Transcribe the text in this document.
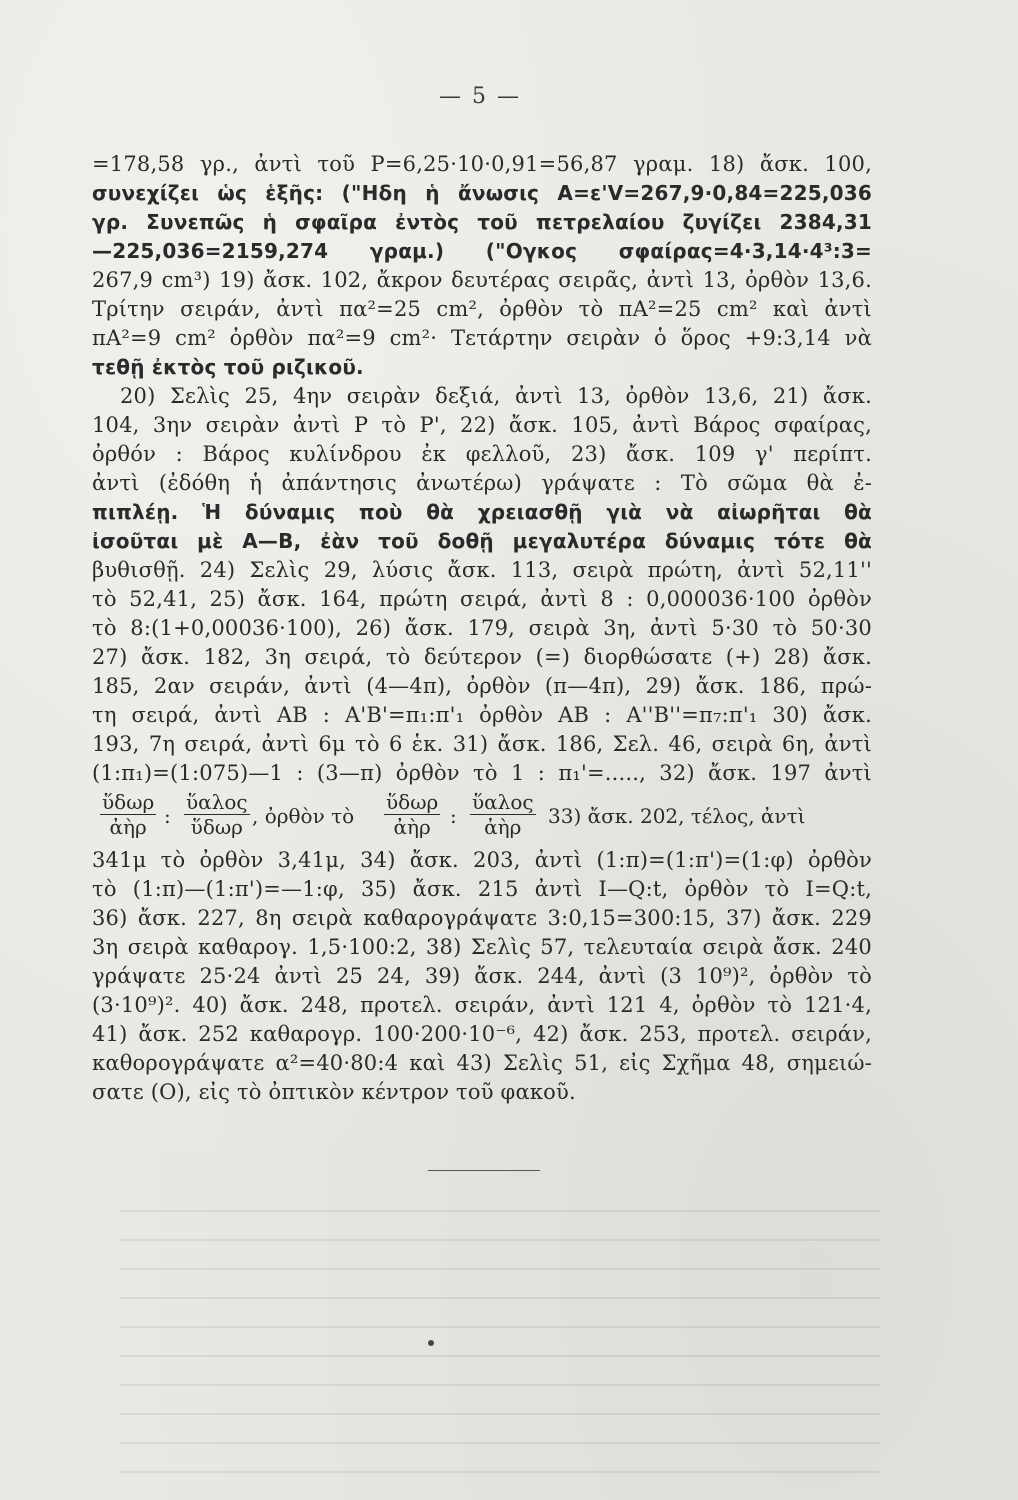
— 5 —
=178,58 γρ., ἀντὶ τοῦ Ρ=6,25·10·0,91=56,87 γραμ. 18) ἄσκ. 100,
συνεχίζει ὡς ἑξῆς: ("Ηδη ἡ ἄνωσις Α=ε'V=267,9·0,84=225,036
γρ. Συνεπῶς ἡ σφαῖρα ἐντὸς τοῦ πετρελαίου ζυγίζει 2384,31
—225,036=2159,274 γραμ.) ("Ογκος σφαίρας=4·3,14·4³:3=
267,9 cm³) 19) ἄσκ. 102, ἄκρον δευτέρας σειρᾶς, ἀντὶ 13, ὀρθὸν 13,6.
Τρίτην σειράν, ἀντὶ πα²=25 cm², ὀρθὸν τὸ πΑ²=25 cm² καὶ ἀντὶ
πΑ²=9 cm² ὀρθὸν πα²=9 cm²· Τετάρτην σειρὰν ὁ ὅρος +9:3,14 νὰ
τεθῇ ἐκτὸς τοῦ ριζικοῦ.
20) Σελὶς 25, 4ην σειρὰν δεξιά, ἀντὶ 13, ὀρθὸν 13,6, 21) ἄσκ.
104, 3ην σειρὰν ἀντὶ Ρ τὸ Ρ', 22) ἄσκ. 105, ἀντὶ Βάρος σφαίρας,
ὀρθόν : Βάρος κυλίνδρου ἐκ φελλοῦ, 23) ἄσκ. 109 γ' περίπτ.
ἀντὶ (ἐδόθη ἡ ἀπάντησις ἀνωτέρω) γράψατε : Τὸ σῶμα θὰ ἐ-
πιπλέῃ. Ἡ δύναμις ποὺ θὰ χρειασθῇ γιὰ νὰ αἰωρῆται θὰ
ἰσοῦται μὲ Α—Β, ἐὰν τοῦ δοθῇ μεγαλυτέρα δύναμις τότε θὰ
βυθισθῇ. 24) Σελὶς 29, λύσις ἄσκ. 113, σειρὰ πρώτη, ἀντὶ 52,11''
τὸ 52,41, 25) ἄσκ. 164, πρώτη σειρά, ἀντὶ 8 : 0,000036·100 ὀρθὸν
τὸ 8:(1+0,00036·100), 26) ἄσκ. 179, σειρὰ 3η, ἀντὶ 5·30 τὸ 50·30
27) ἄσκ. 182, 3η σειρά, τὸ δεύτερον (=) διορθώσατε (+) 28) ἄσκ.
185, 2αν σειράν, ἀντὶ (4—4π), ὀρθὸν (π—4π), 29) ἄσκ. 186, πρώ-
τη σειρά, ἀντὶ ΑΒ : Α'Β'=π₁:π'₁ ὀρθὸν ΑΒ : Α''Β''=π₇:π'₁ 30) ἄσκ.
193, 7η σειρά, ἀντὶ 6μ τὸ 6 ἑκ. 31) ἄσκ. 186, Σελ. 46, σειρὰ 6η, ἀντὶ
(1:π₁)=(1:075)—1 : (3—π) ὀρθὸν τὸ 1 : π₁'=....., 32) ἄσκ. 197 ἀντὶ
ὕδωρ
ἀὴρ :
ὕαλος
ὕδωρ , ὀρθὸν τὸ
ὕδωρ
ἀὴρ :
ὕαλος
ἀὴρ	33) ἄσκ. 202, τέλος, ἀντὶ
341μ τὸ ὀρθὸν 3,41μ, 34) ἄσκ. 203, ἀντὶ (1:π)=(1:π')=(1:φ) ὀρθὸν
τὸ (1:π)—(1:π')=—1:φ, 35) ἄσκ. 215 ἀντὶ Ι—Q:t, ὀρθὸν τὸ Ι=Q:t,
36) ἄσκ. 227, 8η σειρὰ καθαρογράψατε 3:0,15=300:15, 37) ἄσκ. 229
3η σειρὰ καθαρογ. 1,5·100:2, 38) Σελὶς 57, τελευταία σειρὰ ἄσκ. 240
γράψατε 25·24 ἀντὶ 25 24, 39) ἄσκ. 244, ἀντὶ (3 10⁹)², ὀρθὸν τὸ
(3·10⁹)². 40) ἄσκ. 248, προτελ. σειράν, ἀντὶ 121 4, ὀρθὸν τὸ 121·4,
41) ἄσκ. 252 καθαρογρ. 100·200·10⁻⁶, 42) ἄσκ. 253, προτελ. σειράν,
καθορογράψατε α²=40·80:4 καὶ 43) Σελὶς 51, εἰς Σχῆμα 48, σημειώ-
σατε (Ο), εἰς τὸ ὀπτικὸν κέντρον τοῦ φακοῦ.
